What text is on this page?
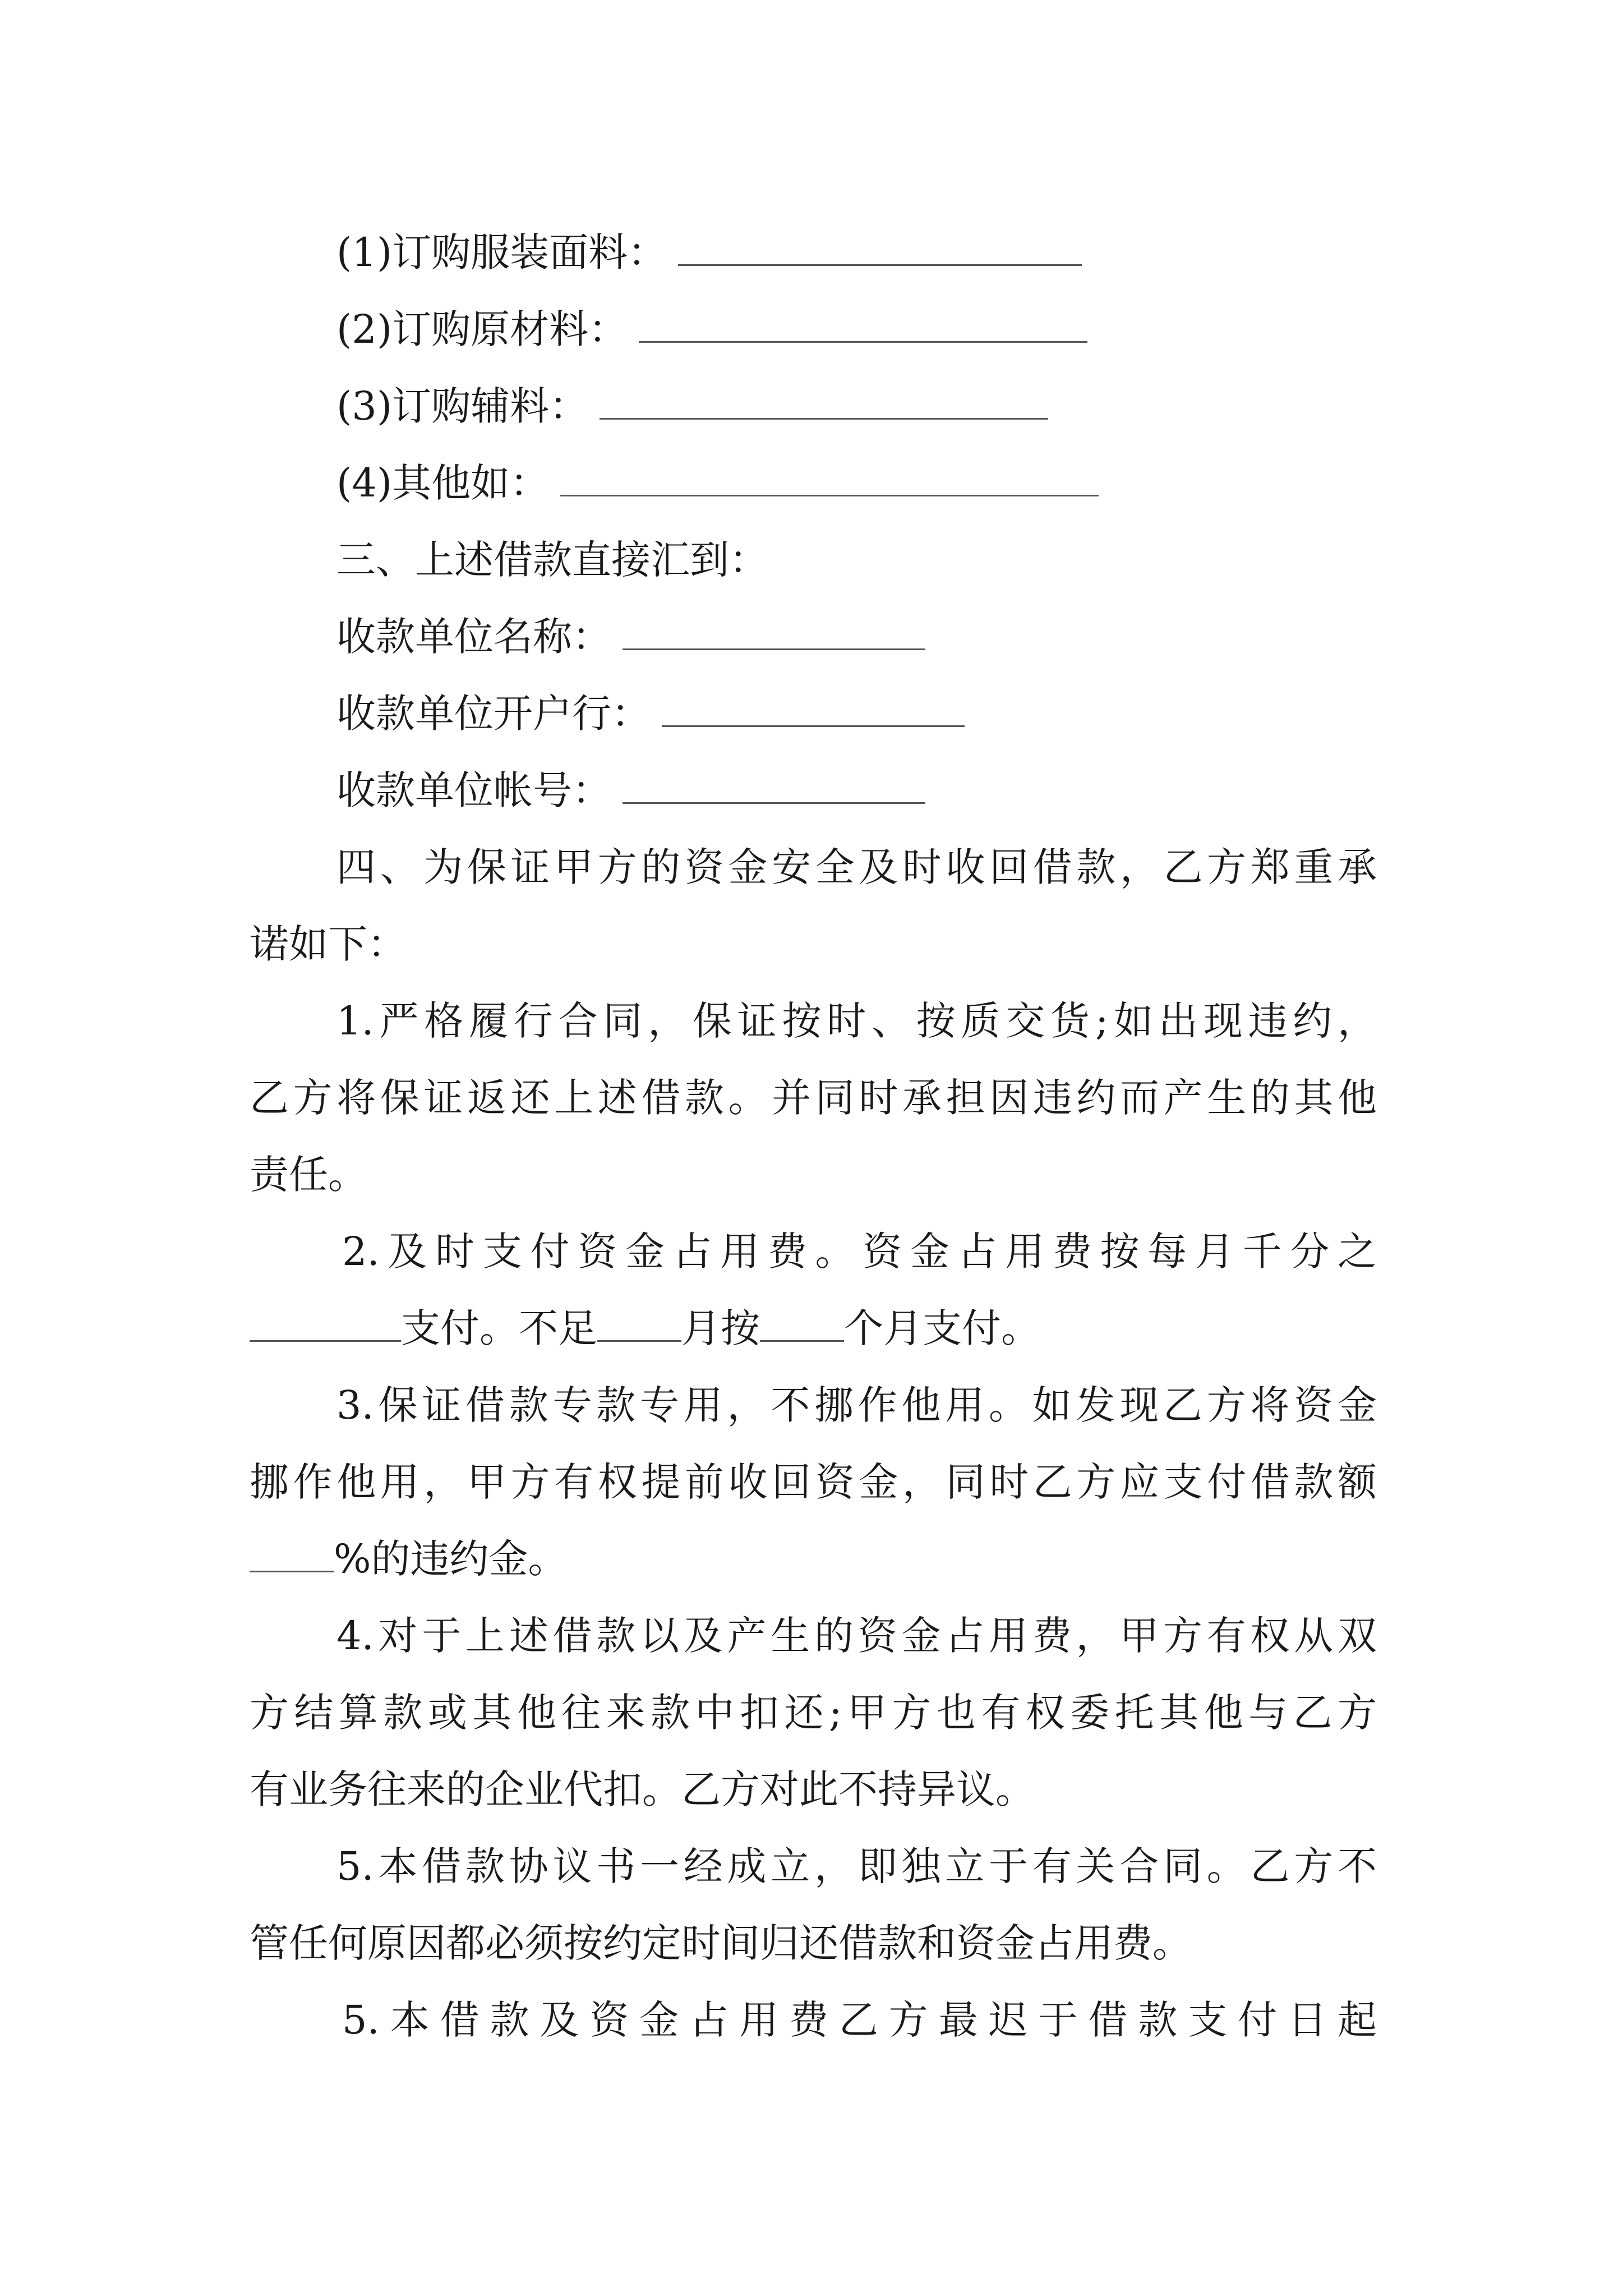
(1)订购服装面料：
(2)订购原材料：
(3)订购辅料：
(4)其他如：
三、上述借款直接汇到：
收款单位名称：
收款单位开户行：
收款单位帐号：
四、为保证甲方的资金安全及时收回借款，乙方郑重承
诺如下：
1.严格履行合同，保证按时、按质交货;如出现违约，
乙方将保证返还上述借款。并同时承担因违约而产生的其他
责任。
2.及时支付资金占用费。资金占用费按每月千分之
支付。不足 月按 个月支付。
3.保证借款专款专用，不挪作他用。如发现乙方将资金
挪作他用，甲方有权提前收回资金，同时乙方应支付借款额
%的违约金。
4.对于上述借款以及产生的资金占用费，甲方有权从双
方结算款或其他往来款中扣还;甲方也有权委托其他与乙方
有业务往来的企业代扣。乙方对此不持异议。
5.本借款协议书一经成立，即独立于有关合同。乙方不
管任何原因都必须按约定时间归还借款和资金占用费。
5.本借款及资金占用费乙方最迟于借款支付日起
